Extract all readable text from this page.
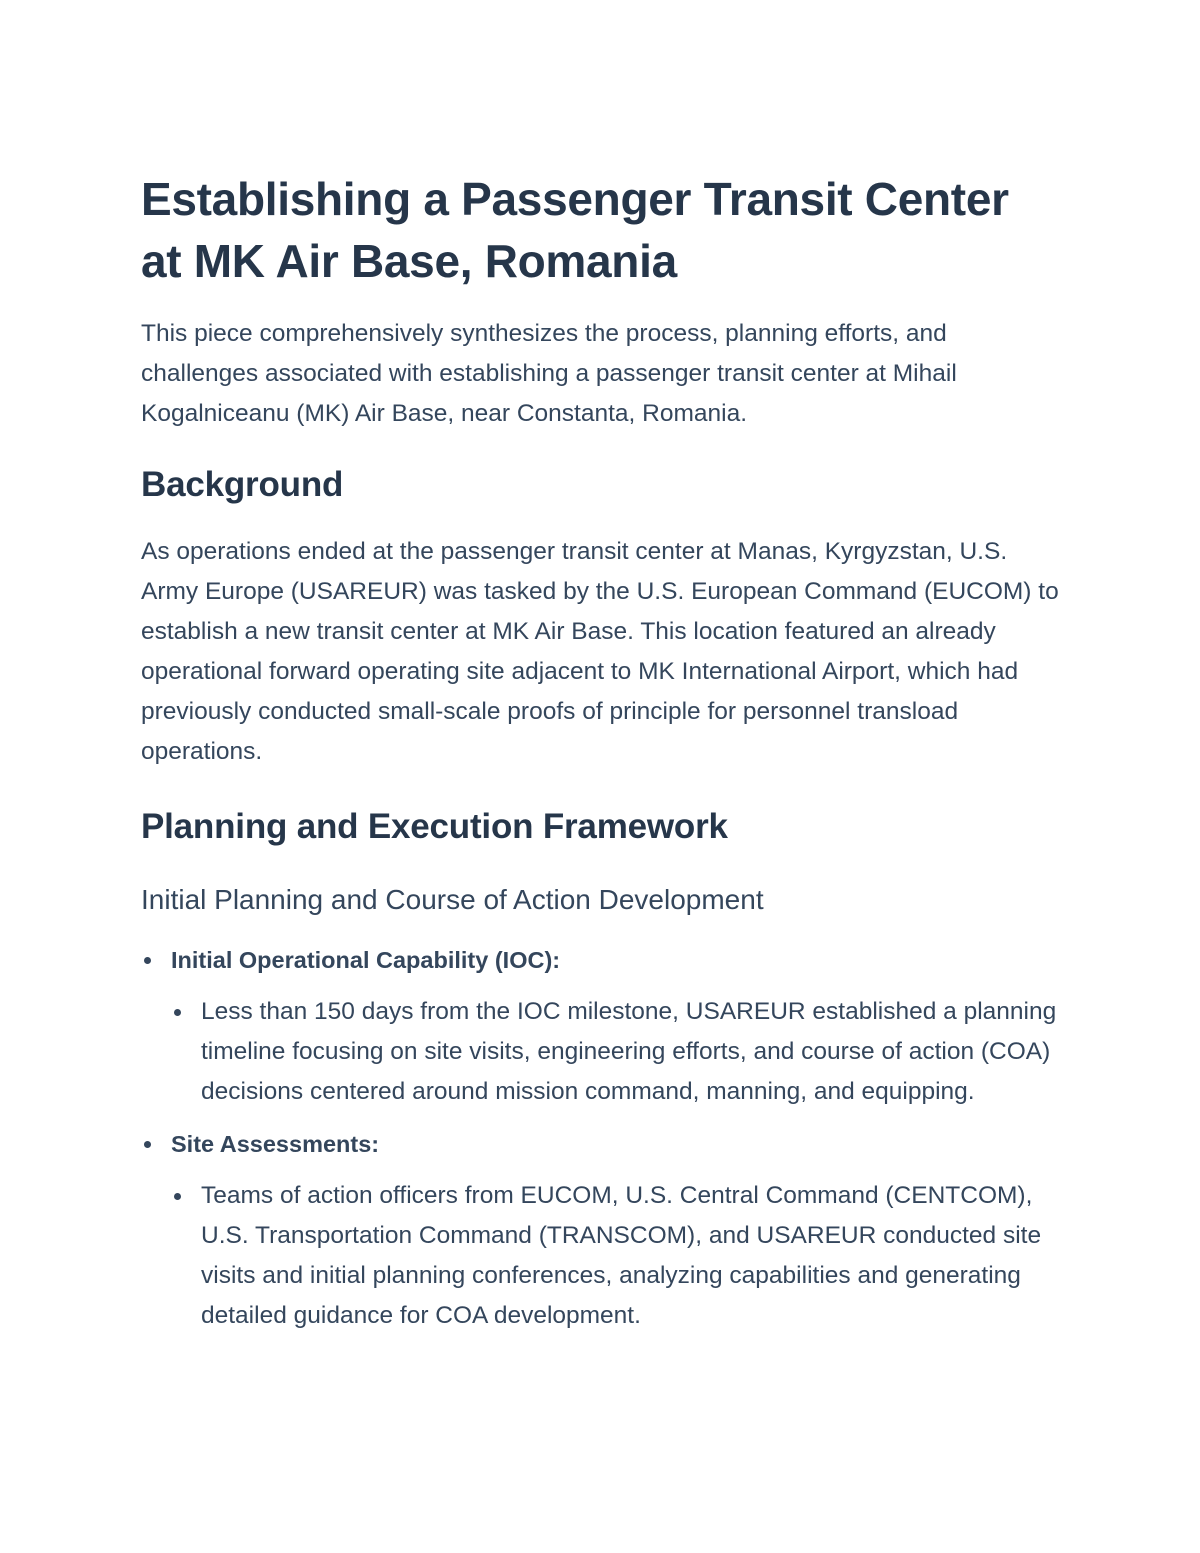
Establishing a Passenger Transit Center at MK Air Base, Romania

This piece comprehensively synthesizes the process, planning efforts, and challenges associated with establishing a passenger transit center at Mihail Kogalniceanu (MK) Air Base, near Constanta, Romania.

Background

As operations ended at the passenger transit center at Manas, Kyrgyzstan, U.S. Army Europe (USAREUR) was tasked by the U.S. European Command (EUCOM) to establish a new transit center at MK Air Base. This location featured an already operational forward operating site adjacent to MK International Airport, which had previously conducted small-scale proofs of principle for personnel transload operations.

Planning and Execution Framework
Initial Planning and Course of Action Development
Initial Operational Capability (IOC):
Less than 150 days from the IOC milestone, USAREUR established a planning timeline focusing on site visits, engineering efforts, and course of action (COA) decisions centered around mission command, manning, and equipping.
Site Assessments:
Teams of action officers from EUCOM, U.S. Central Command (CENTCOM), U.S. Transportation Command (TRANSCOM), and USAREUR conducted site visits and initial planning conferences, analyzing capabilities and generating detailed guidance for COA development.
